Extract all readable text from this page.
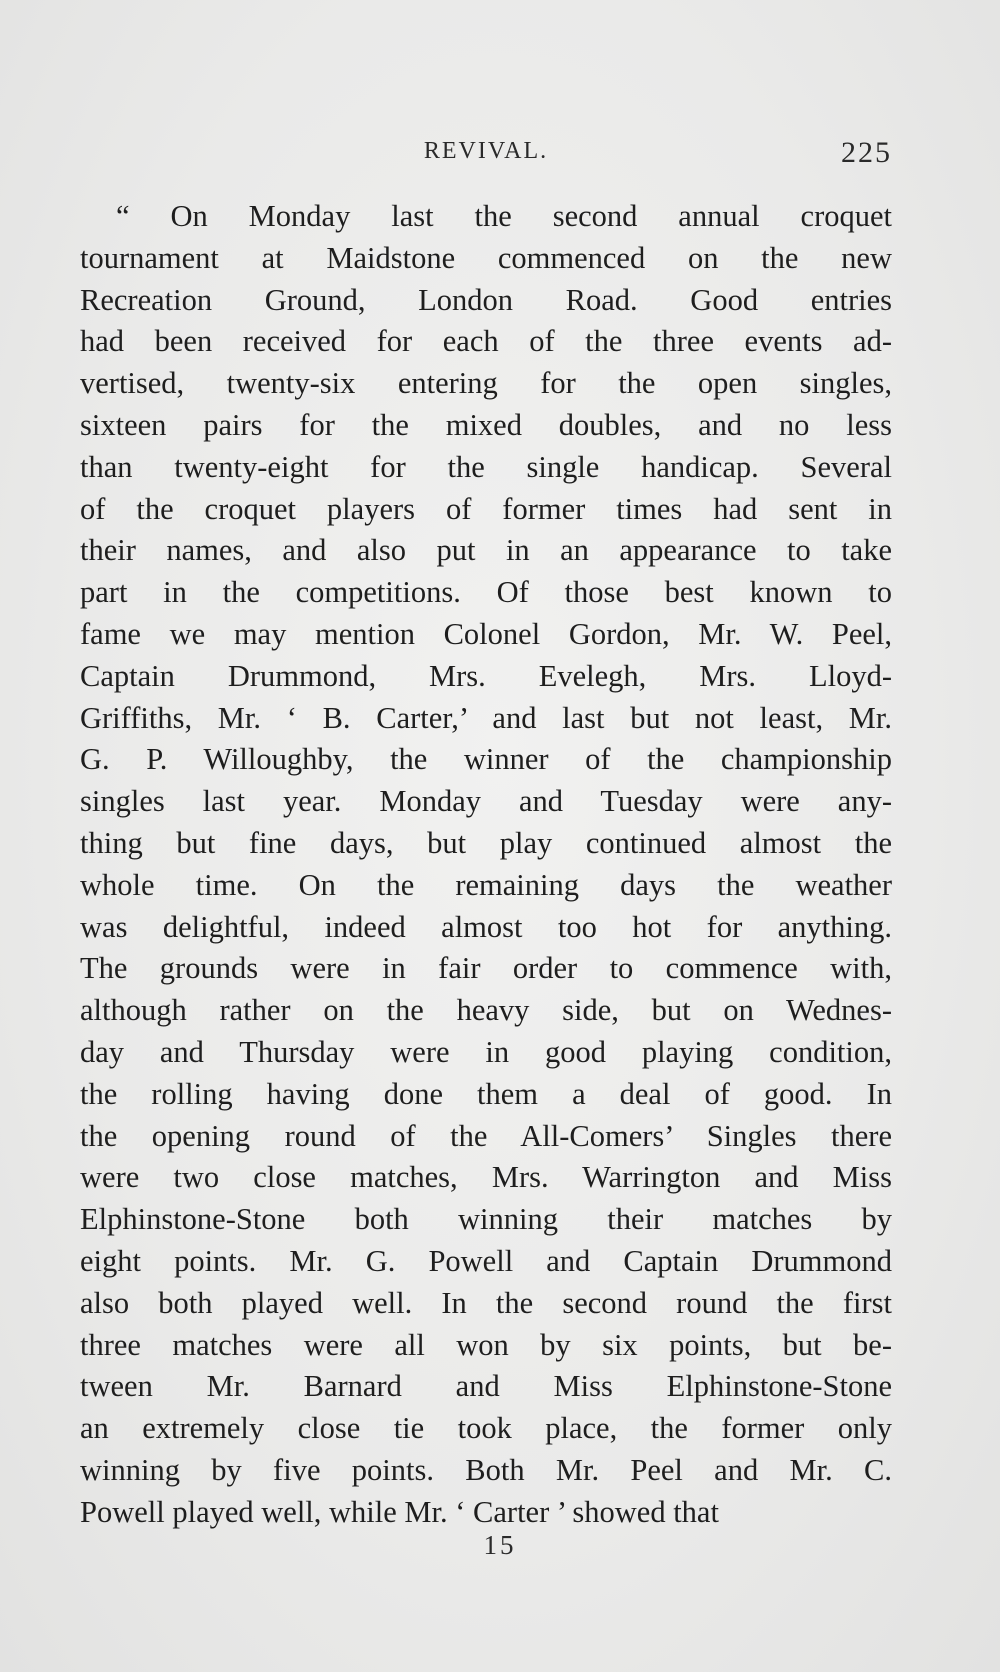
REVIVAL.	225
“ On Monday last the second annual croquet
tournament at Maidstone commenced on the new
Recreation Ground, London Road. Good entries
had been received for each of the three events ad-
vertised, twenty-six entering for the open singles,
sixteen pairs for the mixed doubles, and no less
than twenty-eight for the single handicap. Several
of the croquet players of former times had sent in
their names, and also put in an appearance to take
part in the competitions. Of those best known to
fame we may mention Colonel Gordon, Mr. W. Peel,
Captain Drummond, Mrs. Evelegh, Mrs. Lloyd-
Griffiths, Mr. ‘ B. Carter,’ and last but not least, Mr.
G. P. Willoughby, the winner of the championship
singles last year. Monday and Tuesday were any-
thing but fine days, but play continued almost the
whole time. On the remaining days the weather
was delightful, indeed almost too hot for anything.
The grounds were in fair order to commence with,
although rather on the heavy side, but on Wednes-
day and Thursday were in good playing condition,
the rolling having done them a deal of good. In
the opening round of the All-Comers’ Singles there
were two close matches, Mrs. Warrington and Miss
Elphinstone-Stone both winning their matches by
eight points. Mr. G. Powell and Captain Drummond
also both played well. In the second round the first
three matches were all won by six points, but be-
tween Mr. Barnard and Miss Elphinstone-Stone
an extremely close tie took place, the former only
winning by five points. Both Mr. Peel and Mr. C.
Powell played well, while Mr. ‘ Carter ’ showed that
15
